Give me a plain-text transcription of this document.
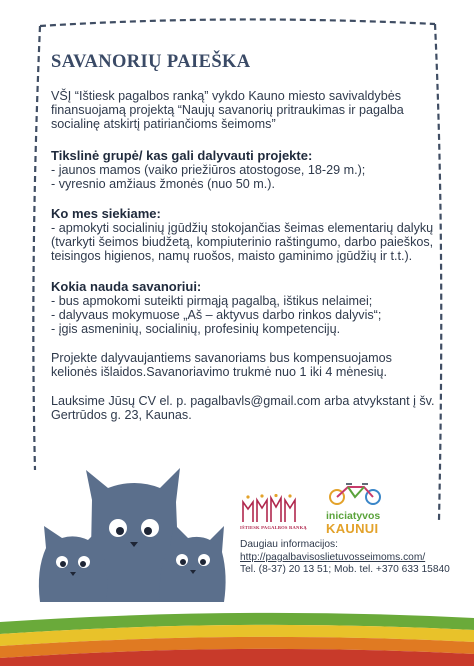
SAVANORIŲ PAIEŠKA
VŠĮ “Ištiesk pagalbos ranką” vykdo Kauno miesto savivaldybės finansuojamą projektą “Naujų savanorių pritraukimas ir pagalba socialinę atskirtį patiriančioms šeimoms”
Tikslinė grupė/ kas gali dalyvauti projekte:
- jaunos mamos (vaiko priežiūros atostogose, 18-29 m.);
- vyresnio amžiaus žmonės (nuo 50 m.).
Ko mes siekiame:
- apmokyti socialinių įgūdžių stokojančias šeimas elementarių dalykų (tvarkyti šeimos biudžetą, kompiuterinio raštingumo, darbo paieškos, teisingos higienos, namų ruošos, maisto gaminimo įgūdžių ir t.t.).
Kokia nauda savanoriui:
- bus apmokomi suteikti pirmąją pagalbą, ištikus nelaimei;
- dalyvaus mokymuose „Aš – aktyvus darbo rinkos dalyvis“;
- įgis asmeninių, socialinių, profesinių kompetencijų.
Projekte dalyvaujantiems savanoriams bus kompensuojamos kelionės išlaidos.Savanoriavimo trukmė nuo 1 iki 4 mėnesių.
Lauksime Jūsų CV el. p. pagalbavls@gmail.com arba atvykstant į šv. Gertrūdos g. 23, Kaunas.
IŠTIESK PAGALBOS RANKĄ
iniciatyvos
KAUNUI
Daugiau informacijos:
http://pagalbavisoslietuvosseimoms.com/
Tel. (8-37) 20 13 51; Mob. tel. +370 633 15840
